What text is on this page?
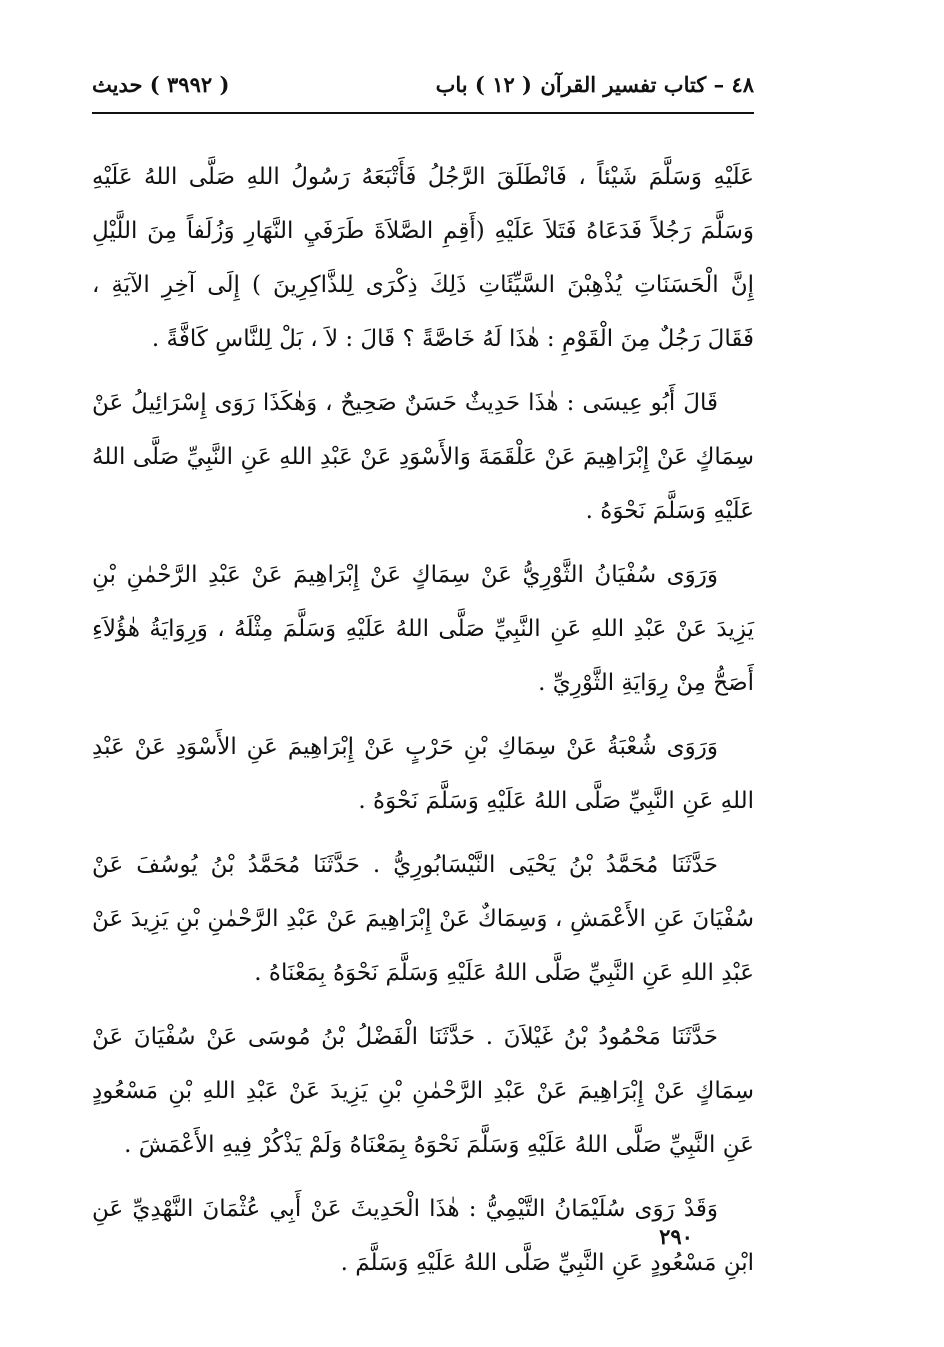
٤٨ – كتاب تفسير القرآن
( ١٢ ) باب
( ٣٩٩٢ ) حديث

عَلَيْهِ وَسَلَّمَ شَيْئاً ، فَانْطَلَقَ الرَّجُلُ فَأَتْبَعَهُ رَسُولُ اللهِ صَلَّى اللهُ عَلَيْهِ وَسَلَّمَ رَجُلاً فَدَعَاهُ فَتَلاَ عَلَيْهِ (أَقِمِ الصَّلاَةَ طَرَفَيِ النَّهَارِ وَزُلَفاً مِنَ اللَّيْلِ إِنَّ الْحَسَنَاتِ يُذْهِبْنَ السَّيِّئَاتِ ذَلِكَ ذِكْرَى لِلذَّاكِرِينَ ) إِلَى آخِرِ الآيَةِ ، فَقَالَ رَجُلٌ مِنَ الْقَوْمِ : هٰذَا لَهُ خَاصَّةً ؟ قَالَ : لاَ ، بَلْ لِلنَّاسِ كَافَّةً .

قَالَ أَبُو عِيسَى : هٰذَا حَدِيثٌ حَسَنٌ صَحِيحٌ ، وَهٰكَذَا رَوَى إِسْرَائِيلُ عَنْ سِمَاكٍ عَنْ إِبْرَاهِيمَ عَنْ عَلْقَمَةَ وَالأَسْوَدِ عَنْ عَبْدِ اللهِ عَنِ النَّبِيِّ صَلَّى اللهُ عَلَيْهِ وَسَلَّمَ نَحْوَهُ .

وَرَوَى سُفْيَانُ الثَّوْرِيُّ عَنْ سِمَاكٍ عَنْ إِبْرَاهِيمَ عَنْ عَبْدِ الرَّحْمٰنِ بْنِ يَزِيدَ عَنْ عَبْدِ اللهِ عَنِ النَّبِيِّ صَلَّى اللهُ عَلَيْهِ وَسَلَّمَ مِثْلَهُ ، وَرِوَايَةُ هٰؤُلاَءِ أَصَحُّ مِنْ رِوَايَةِ الثَّوْرِيِّ .

وَرَوَى شُعْبَةُ عَنْ سِمَاكِ بْنِ حَرْبٍ عَنْ إِبْرَاهِيمَ عَنِ الأَسْوَدِ عَنْ عَبْدِ اللهِ عَنِ النَّبِيِّ صَلَّى اللهُ عَلَيْهِ وَسَلَّمَ نَحْوَهُ .

حَدَّثَنَا مُحَمَّدُ بْنُ يَحْيَى النَّيْسَابُورِيُّ . حَدَّثَنَا مُحَمَّدُ بْنُ يُوسُفَ عَنْ سُفْيَانَ عَنِ الأَعْمَشِ ، وَسِمَاكٌ عَنْ إِبْرَاهِيمَ عَنْ عَبْدِ الرَّحْمٰنِ بْنِ يَزِيدَ عَنْ عَبْدِ اللهِ عَنِ النَّبِيِّ صَلَّى اللهُ عَلَيْهِ وَسَلَّمَ نَحْوَهُ بِمَعْنَاهُ .

حَدَّثَنَا مَحْمُودُ بْنُ غَيْلاَنَ . حَدَّثَنَا الْفَضْلُ بْنُ مُوسَى عَنْ سُفْيَانَ عَنْ سِمَاكٍ عَنْ إِبْرَاهِيمَ عَنْ عَبْدِ الرَّحْمٰنِ بْنِ يَزِيدَ عَنْ عَبْدِ اللهِ بْنِ مَسْعُودٍ عَنِ النَّبِيِّ صَلَّى اللهُ عَلَيْهِ وَسَلَّمَ نَحْوَهُ بِمَعْنَاهُ وَلَمْ يَذْكُرْ فِيهِ الأَعْمَشَ .

وَقَدْ رَوَى سُلَيْمَانُ التَّيْمِيُّ : هٰذَا الْحَدِيثَ عَنْ أَبِي عُثْمَانَ النَّهْدِيِّ عَنِ ابْنِ مَسْعُودٍ عَنِ النَّبِيِّ صَلَّى اللهُ عَلَيْهِ وَسَلَّمَ .

٢٩٠
